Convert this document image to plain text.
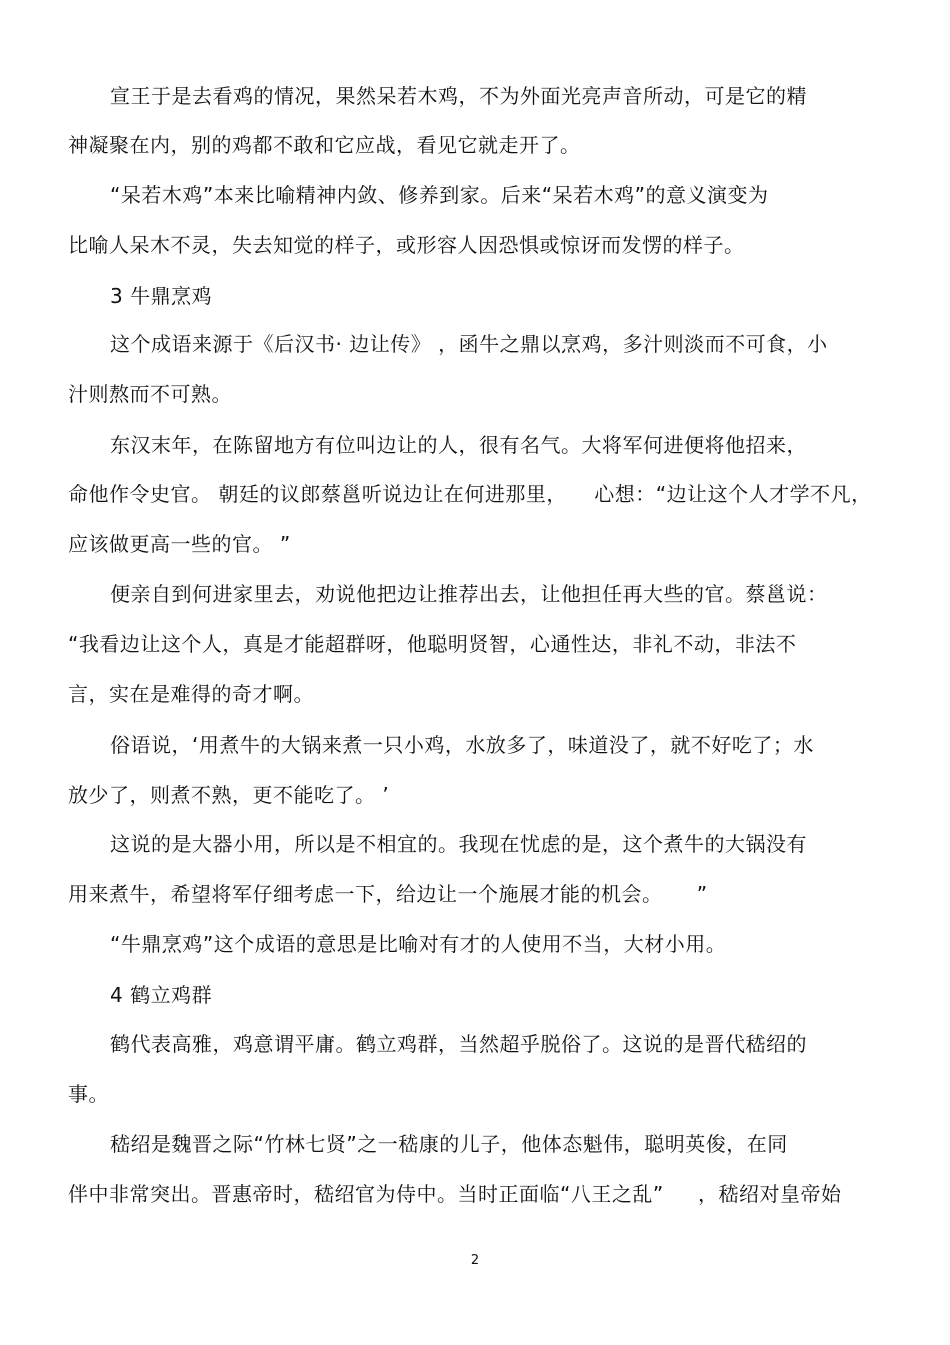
宣王于是去看鸡的情况，果然呆若木鸡，不为外面光亮声音所动，可是它的精
神凝聚在内，别的鸡都不敢和它应战，看见它就走开了。
“呆若木鸡”本来比喻精神内敛、修养到家。后来“呆若木鸡”的意义演变为
比喻人呆木不灵，失去知觉的样子，或形容人因恐惧或惊讶而发愣的样子。
3 牛鼎烹鸡
这个成语来源于《后汉书· 边让传》 ，函牛之鼎以烹鸡，多汁则淡而不可食，小
汁则熬而不可熟。
东汉末年，在陈留地方有位叫边让的人，很有名气。大将军何进便将他招来，
命他作令史官。 朝廷的议郎蔡邕听说边让在何进那里，    心想：“边让这个人才学不凡，
应该做更高一些的官。 ”
便亲自到何进家里去，劝说他把边让推荐出去，让他担任再大些的官。蔡邕说：
“我看边让这个人，真是才能超群呀，他聪明贤智，心通性达，非礼不动，非法不
言，实在是难得的奇才啊。
俗语说，‘用煮牛的大锅来煮一只小鸡，水放多了，味道没了，就不好吃了；水
放少了，则煮不熟，更不能吃了。 ’
这说的是大器小用，所以是不相宜的。我现在忧虑的是，这个煮牛的大锅没有
用来煮牛，希望将军仔细考虑一下，给边让一个施展才能的机会。     ”
“牛鼎烹鸡”这个成语的意思是比喻对有才的人使用不当，大材小用。
4 鹤立鸡群
鹤代表高雅，鸡意谓平庸。鹤立鸡群，当然超乎脱俗了。这说的是晋代嵇绍的
事。
嵇绍是魏晋之际“竹林七贤”之一嵇康的儿子，他体态魁伟，聪明英俊，在同
伴中非常突出。晋惠帝时，嵇绍官为侍中。当时正面临“八王之乱”     ，嵇绍对皇帝始
2
